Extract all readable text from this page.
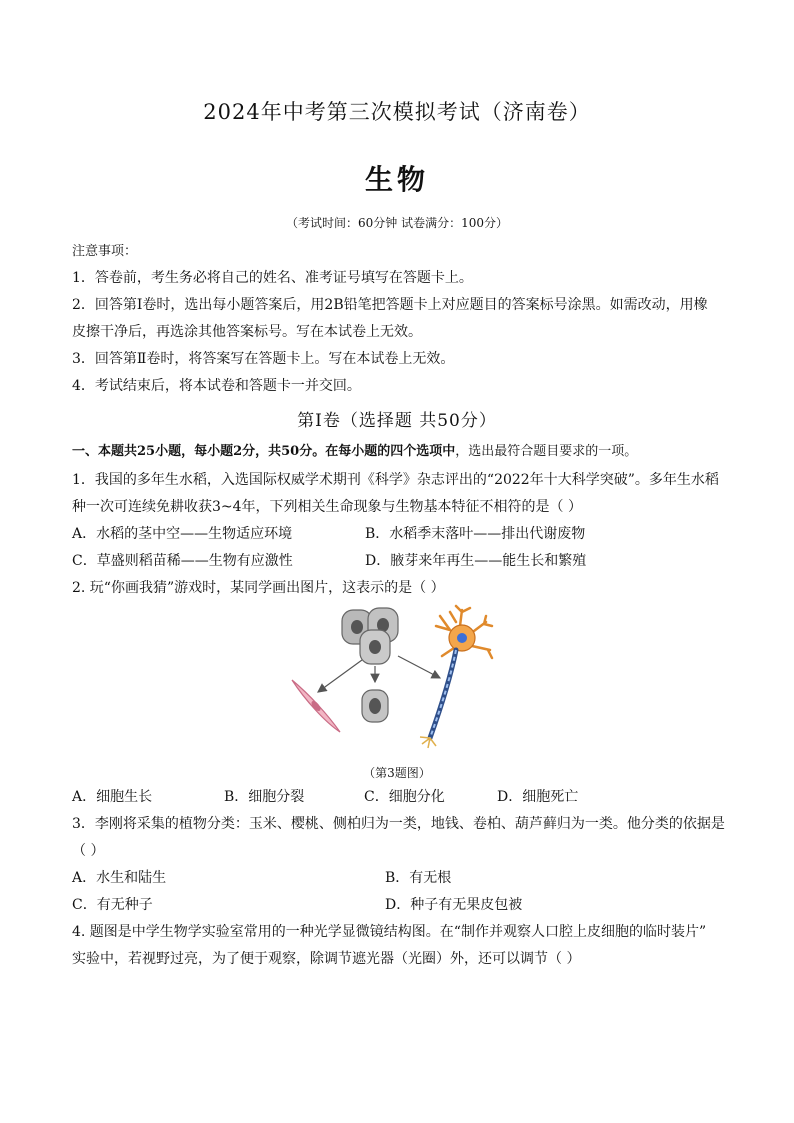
2024年中考第三次模拟考试（济南卷）
生物
（考试时间：60分钟 试卷满分：100分）
注意事项：
1．答卷前，考生务必将自己的姓名、准考证号填写在答题卡上。
2．回答第Ⅰ卷时，选出每小题答案后，用2B铅笔把答题卡上对应题目的答案标号涂黑。如需改动，用橡
皮擦干净后，再选涂其他答案标号。写在本试卷上无效。
3．回答第Ⅱ卷时，将答案写在答题卡上。写在本试卷上无效。
4．考试结束后，将本试卷和答题卡一并交回。
第Ⅰ卷（选择题 共50分）
一、本题共25小题，每小题2分，共50分。在每小题的四个选项中，选出最符合题目要求的一项。
1．我国的多年生水稻，入选国际权威学术期刊《科学》杂志评出的“2022年十大科学突破”。多年生水稻
种一次可连续免耕收获3~4年，下列相关生命现象与生物基本特征不相符的是（ ）
A．水稻的茎中空——生物适应环境	B．水稻季末落叶——排出代谢废物
C．草盛则稻苗稀——生物有应激性	D．腋芽来年再生——能生长和繁殖
2. 玩“你画我猜”游戏时，某同学画出图片，这表示的是（ ）
（第3题图）
A．细胞生长	B．细胞分裂	C．细胞分化	D．细胞死亡
3．李刚将采集的植物分类：玉米、樱桃、侧柏归为一类，地钱、卷柏、葫芦藓归为一类。他分类的依据是
（ ）
A．水生和陆生	B．有无根
C．有无种子	D．种子有无果皮包被
4. 题图是中学生物学实验室常用的一种光学显微镜结构图。在“制作并观察人口腔上皮细胞的临时装片”
实验中，若视野过亮，为了便于观察，除调节遮光器（光圈）外，还可以调节（ ）
